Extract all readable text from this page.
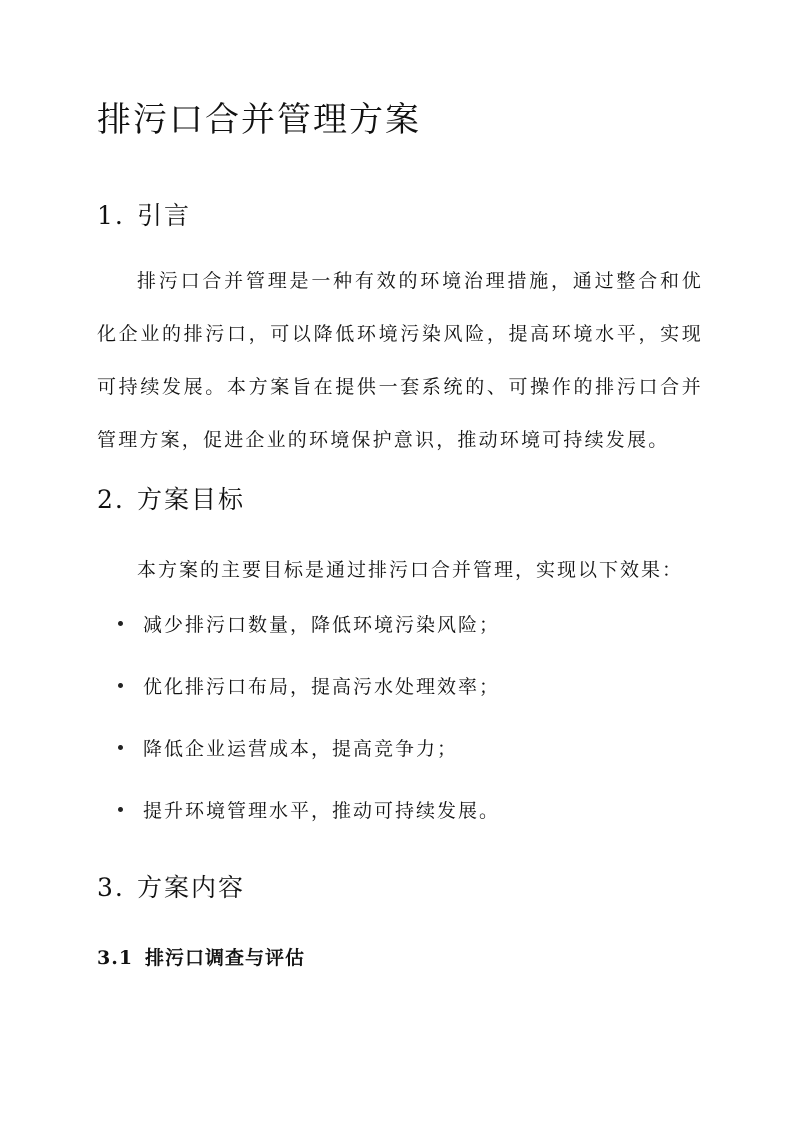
排污口合并管理方案
1. 引言

排污口合并管理是一种有效的环境治理措施，通过整合和优化企业的排污口，可以降低环境污染风险，提高环境水平，实现可持续发展。本方案旨在提供一套系统的、可操作的排污口合并管理方案，促进企业的环境保护意识，推动环境可持续发展。

2. 方案目标

本方案的主要目标是通过排污口合并管理，实现以下效果：

减少排污口数量，降低环境污染风险；
优化排污口布局，提高污水处理效率；
降低企业运营成本，提高竞争力；
提升环境管理水平，推动可持续发展。
3. 方案内容
3.1 排污口调查与评估
